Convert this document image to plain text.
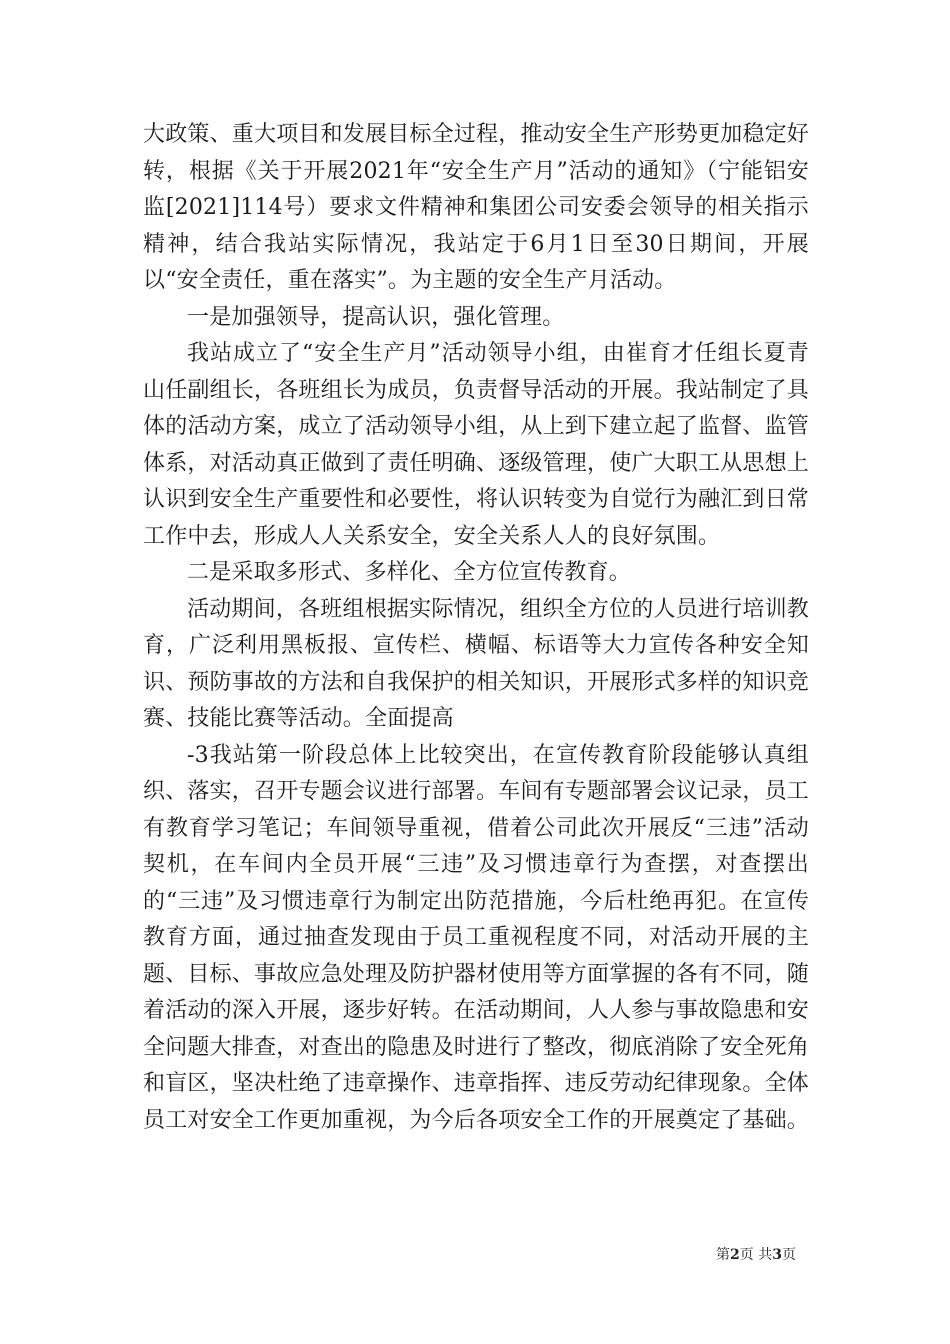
大政策、重大项目和发展目标全过程，推动安全生产形势更加稳定好转，根据《关于开展2021年“安全生产月”活动的通知》（宁能铝安监[2021]114号）要求文件精神和集团公司安委会领导的相关指示精神，结合我站实际情况，我站定于6月1日至30日期间，开展以“安全责任，重在落实”。为主题的安全生产月活动。

一是加强领导，提高认识，强化管理。

我站成立了“安全生产月”活动领导小组，由崔育才任组长夏青山任副组长，各班组长为成员，负责督导活动的开展。我站制定了具体的活动方案，成立了活动领导小组，从上到下建立起了监督、监管体系，对活动真正做到了责任明确、逐级管理，使广大职工从思想上认识到安全生产重要性和必要性，将认识转变为自觉行为融汇到日常工作中去，形成人人关系安全，安全关系人人的良好氛围。

二是采取多形式、多样化、全方位宣传教育。

活动期间，各班组根据实际情况，组织全方位的人员进行培训教育，广泛利用黑板报、宣传栏、横幅、标语等大力宣传各种安全知识、预防事故的方法和自我保护的相关知识，开展形式多样的知识竞赛、技能比赛等活动。全面提高

-3我站第一阶段总体上比较突出，在宣传教育阶段能够认真组织、落实，召开专题会议进行部署。车间有专题部署会议记录，员工有教育学习笔记；车间领导重视，借着公司此次开展反“三违”活动契机，在车间内全员开展“三违”及习惯违章行为查摆，对查摆出的“三违”及习惯违章行为制定出防范措施，今后杜绝再犯。在宣传教育方面，通过抽查发现由于员工重视程度不同，对活动开展的主题、目标、事故应急处理及防护器材使用等方面掌握的各有不同，随着活动的深入开展，逐步好转。在活动期间，人人参与事故隐患和安全问题大排查，对查出的隐患及时进行了整改，彻底消除了安全死角和盲区，坚决杜绝了违章操作、违章指挥、违反劳动纪律现象。全体员工对安全工作更加重视，为今后各项安全工作的开展奠定了基础。

第2页 共3页
